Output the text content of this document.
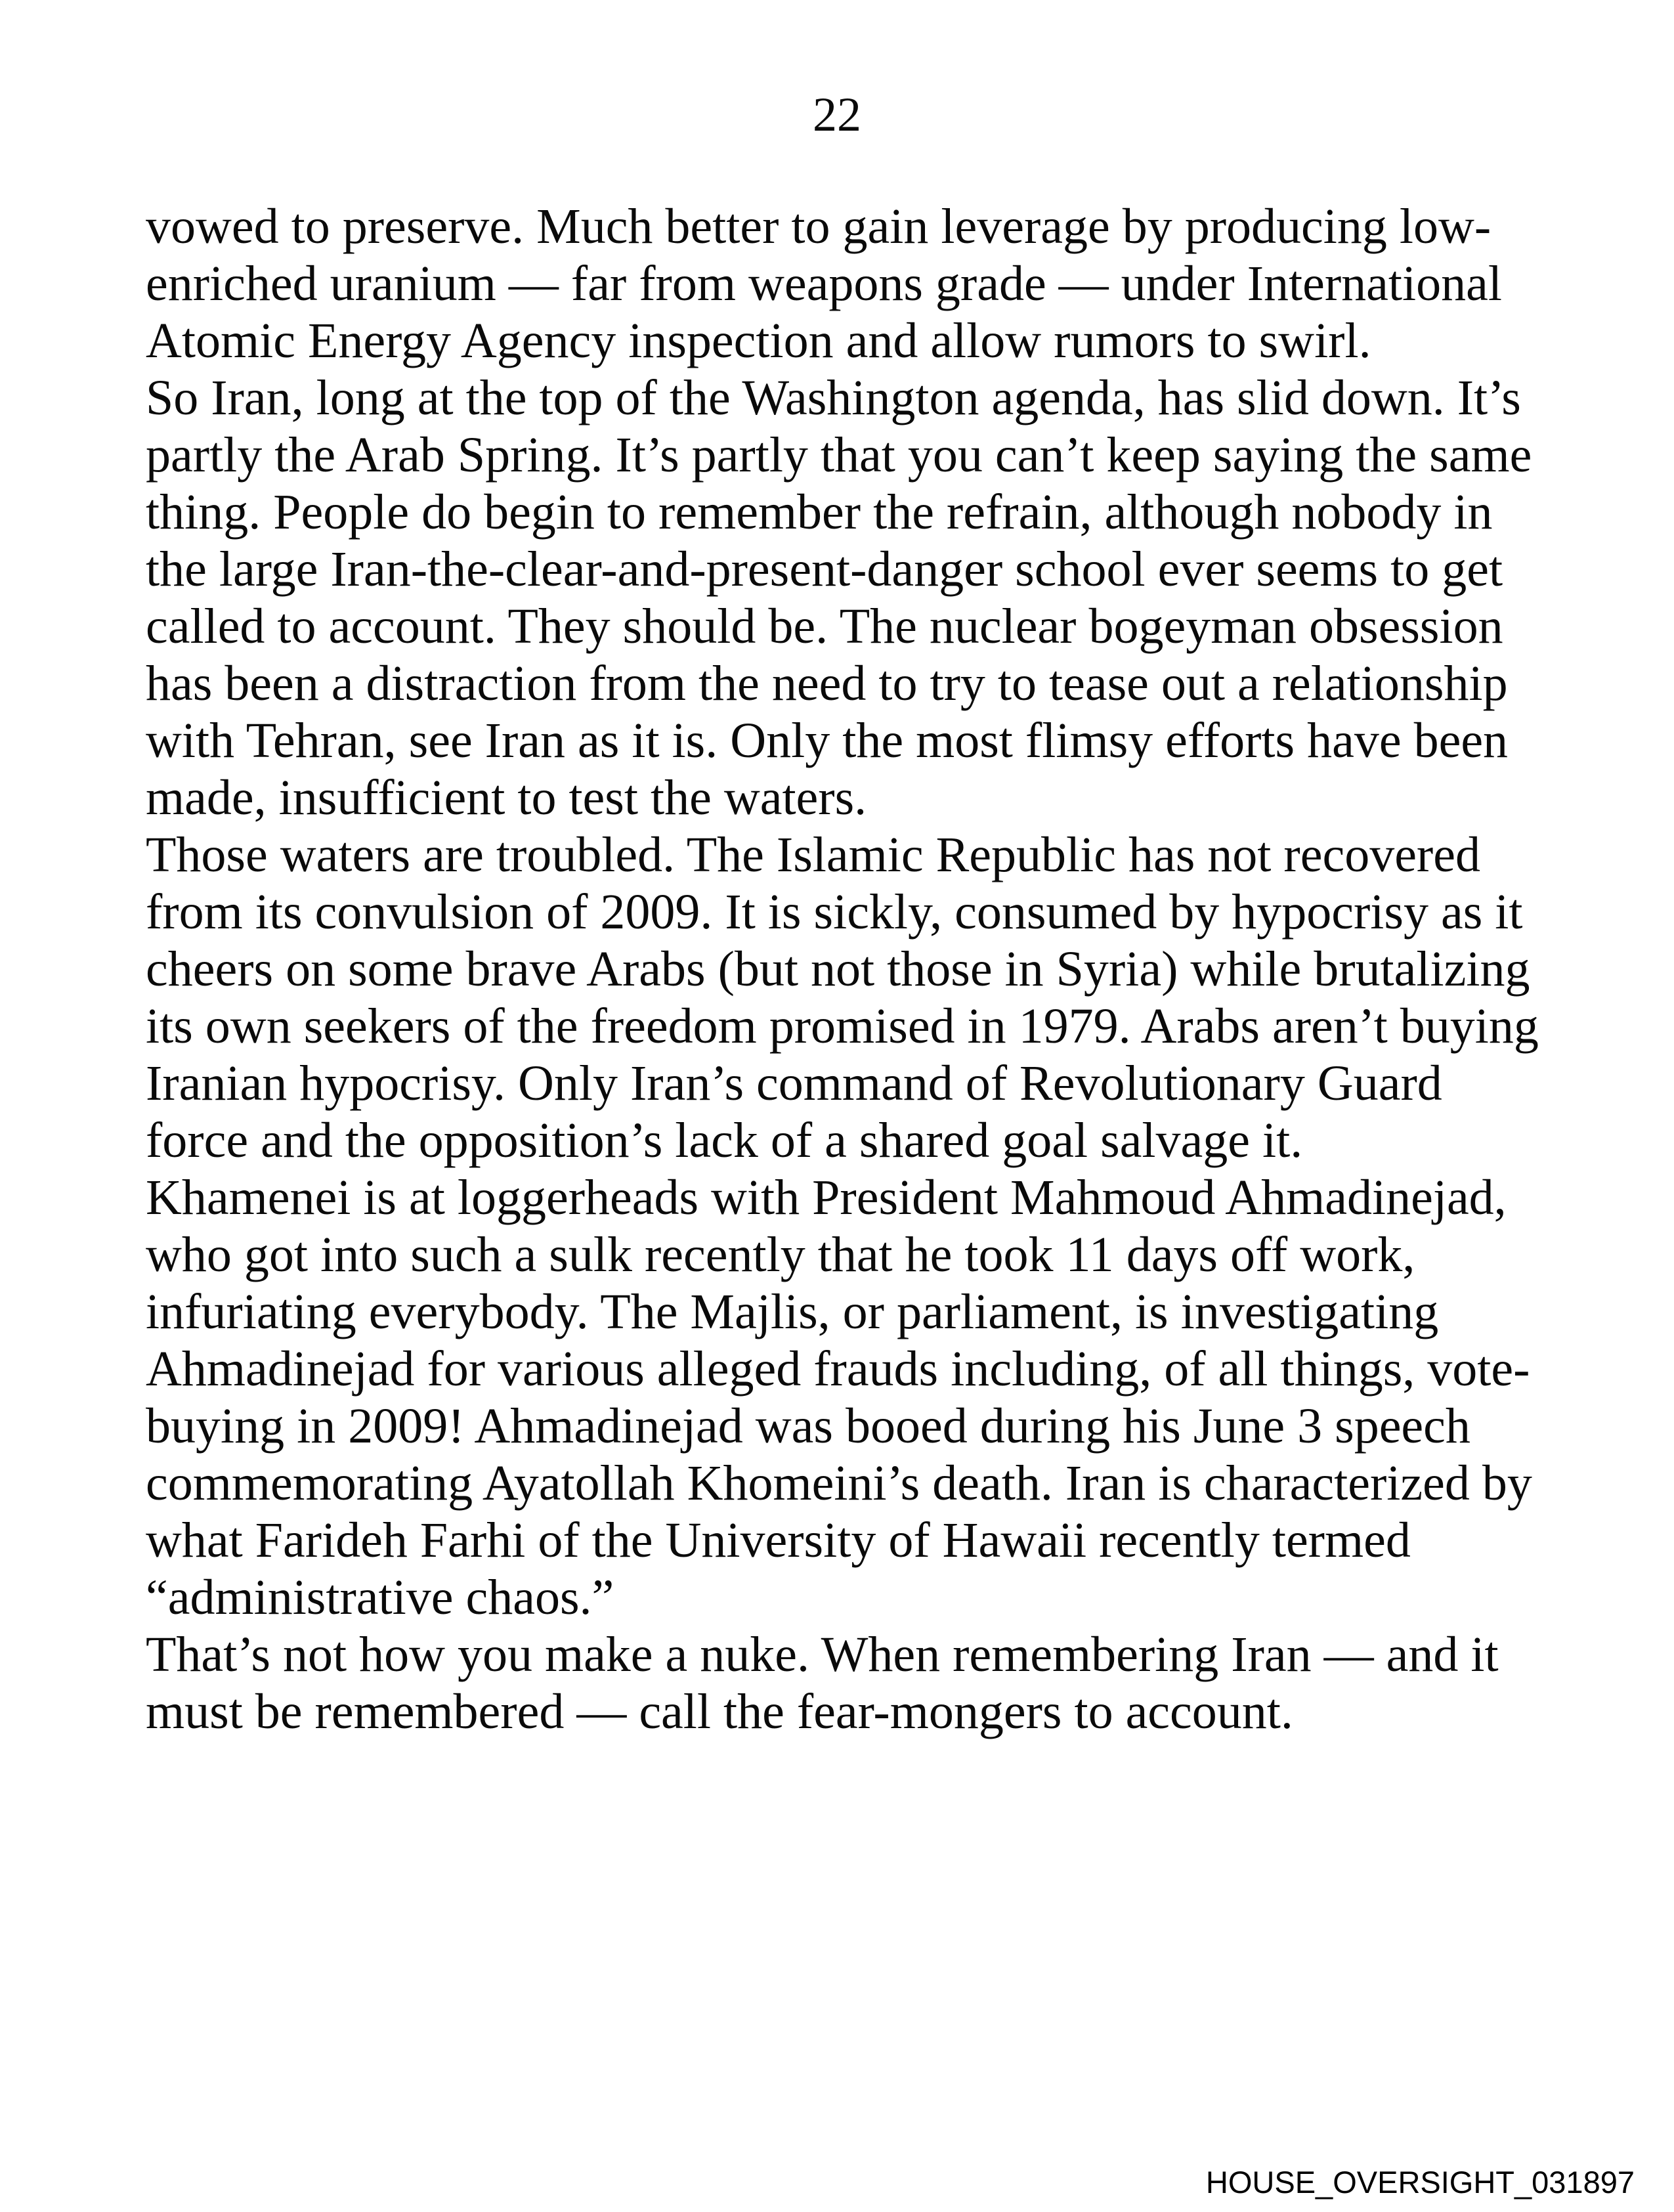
22
vowed to preserve. Much better to gain leverage by producing low-
enriched uranium — far from weapons grade — under International
Atomic Energy Agency inspection and allow rumors to swirl.
So Iran, long at the top of the Washington agenda, has slid down. It’s
partly the Arab Spring. It’s partly that you can’t keep saying the same
thing. People do begin to remember the refrain, although nobody in
the large Iran-the-clear-and-present-danger school ever seems to get
called to account. They should be. The nuclear bogeyman obsession
has been a distraction from the need to try to tease out a relationship
with Tehran, see Iran as it is. Only the most flimsy efforts have been
made, insufficient to test the waters.
Those waters are troubled. The Islamic Republic has not recovered
from its convulsion of 2009. It is sickly, consumed by hypocrisy as it
cheers on some brave Arabs (but not those in Syria) while brutalizing
its own seekers of the freedom promised in 1979. Arabs aren’t buying
Iranian hypocrisy. Only Iran’s command of Revolutionary Guard
force and the opposition’s lack of a shared goal salvage it.
Khamenei is at loggerheads with President Mahmoud Ahmadinejad,
who got into such a sulk recently that he took 11 days off work,
infuriating everybody. The Majlis, or parliament, is investigating
Ahmadinejad for various alleged frauds including, of all things, vote-
buying in 2009! Ahmadinejad was booed during his June 3 speech
commemorating Ayatollah Khomeini’s death. Iran is characterized by
what Farideh Farhi of the University of Hawaii recently termed
“administrative chaos.”
That’s not how you make a nuke. When remembering Iran — and it
must be remembered — call the fear-mongers to account.
HOUSE_OVERSIGHT_031897
